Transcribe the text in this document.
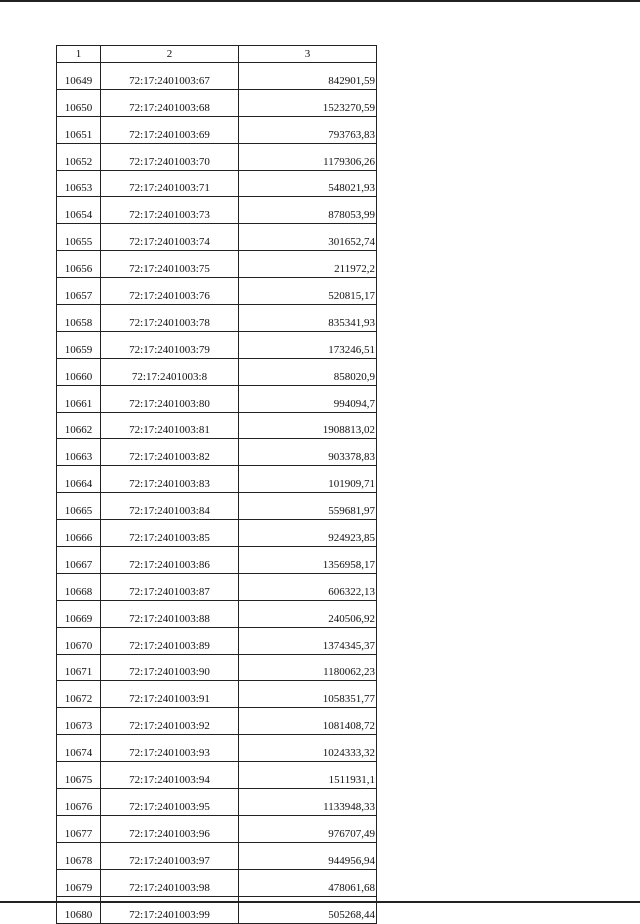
1	2	3
10649	72:17:2401003:67	842901,59
10650	72:17:2401003:68	1523270,59
10651	72:17:2401003:69	793763,83
10652	72:17:2401003:70	1179306,26
10653	72:17:2401003:71	548021,93
10654	72:17:2401003:73	878053,99
10655	72:17:2401003:74	301652,74
10656	72:17:2401003:75	211972,2
10657	72:17:2401003:76	520815,17
10658	72:17:2401003:78	835341,93
10659	72:17:2401003:79	173246,51
10660	72:17:2401003:8	858020,9
10661	72:17:2401003:80	994094,7
10662	72:17:2401003:81	1908813,02
10663	72:17:2401003:82	903378,83
10664	72:17:2401003:83	101909,71
10665	72:17:2401003:84	559681,97
10666	72:17:2401003:85	924923,85
10667	72:17:2401003:86	1356958,17
10668	72:17:2401003:87	606322,13
10669	72:17:2401003:88	240506,92
10670	72:17:2401003:89	1374345,37
10671	72:17:2401003:90	1180062,23
10672	72:17:2401003:91	1058351,77
10673	72:17:2401003:92	1081408,72
10674	72:17:2401003:93	1024333,32
10675	72:17:2401003:94	1511931,1
10676	72:17:2401003:95	1133948,33
10677	72:17:2401003:96	976707,49
10678	72:17:2401003:97	944956,94
10679	72:17:2401003:98	478061,68
10680	72:17:2401003:99	505268,44
